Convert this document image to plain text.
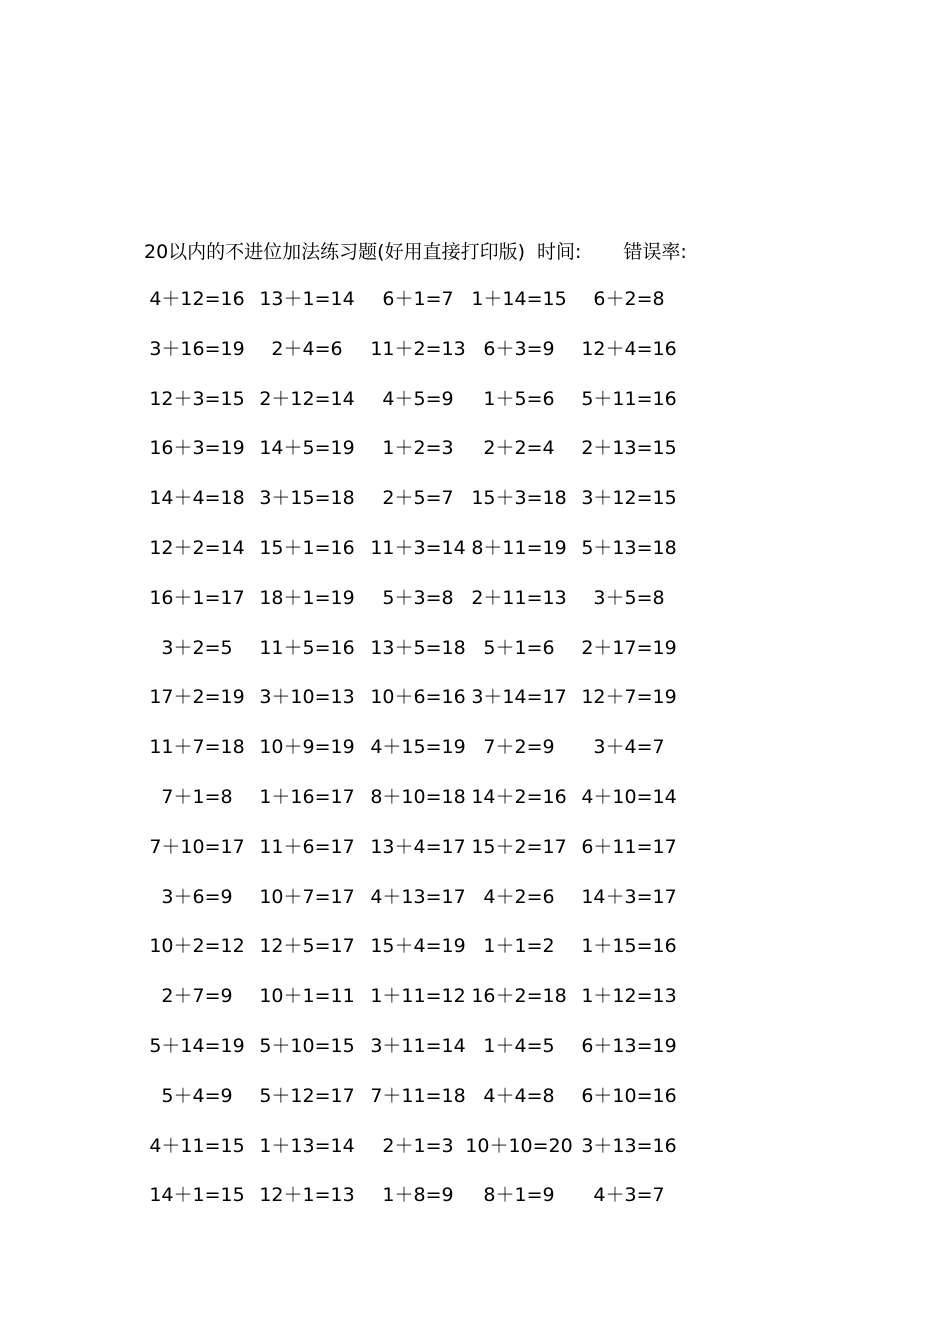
20以内的不进位加法练习题(好用直接打印版) 时间: 错误率:
4＋12=16 13＋1=14	6＋1=7 1＋14=15	6＋2=8
3＋16=19	2＋4=6	11＋2=13 6＋3=9	12＋4=16
12＋3=15 2＋12=14	4＋5=9	1＋5=6	5＋11=16
16＋3=19 14＋5=19	1＋2=3	2＋2=4	2＋13=15
14＋4=18 3＋15=18	2＋5=7 15＋3=18 3＋12=15
12＋2=14 15＋1=16 11＋3=14 8＋11=19 5＋13=18
16＋1=17 18＋1=19	5＋3=8 2＋11=13	3＋5=8
3＋2=5	11＋5=16 13＋5=18 5＋1=6	2＋17=19
17＋2=19 3＋10=13 10＋6=16 3＋14=17 12＋7=19
11＋7=18 10＋9=19 4＋15=19 7＋2=9	3＋4=7
7＋1=8	1＋16=17 8＋10=18 14＋2=16 4＋10=14
7＋10=17 11＋6=17 13＋4=17 15＋2=17 6＋11=17
3＋6=9	10＋7=17 4＋13=17 4＋2=6	14＋3=17
10＋2=12 12＋5=17 15＋4=19 1＋1=2	1＋15=16
2＋7=9	10＋1=11 1＋11=12 16＋2=18 1＋12=13
5＋14=19 5＋10=15 3＋11=14 1＋4=5	6＋13=19
5＋4=9	5＋12=17 7＋11=18 4＋4=8	6＋10=16
4＋11=15 1＋13=14	2＋1=3 10＋10=20 3＋13=16
14＋1=15 12＋1=13	1＋8=9	8＋1=9	4＋3=7
